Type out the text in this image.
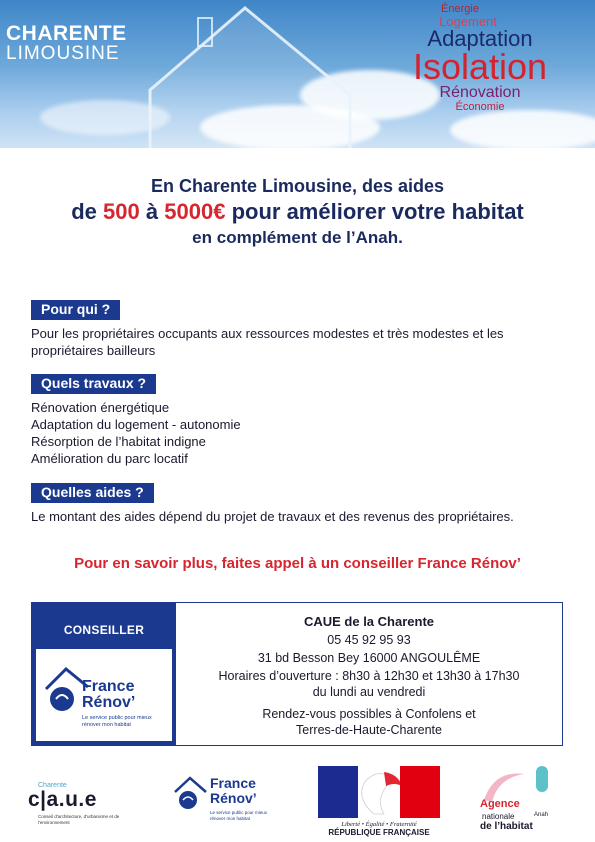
CHARENTE
LIMOUSINE
Énergie
Logement
Adaptation
Isolation
Rénovation
Économie
En Charente Limousine, des aides
de 500 à 5000€ pour améliorer votre habitat
en complément de l’Anah.
Pour qui ?
Pour les propriétaires occupants aux ressources modestes et très modestes et les propriétaires bailleurs
Quels travaux ?
Rénovation énergétique
Adaptation du logement - autonomie
Résorption de l’habitat indigne
Amélioration du parc locatif
Quelles aides ?
Le montant des aides dépend du projet de travaux et des revenus des propriétaires.
Pour en savoir plus, faites appel à un conseiller France Rénov’
CONSEILLER
France
Rénov’
Le service public pour mieux rénover mon habitat
CAUE de la Charente
05 45 92 95 93
31 bd Besson Bey 16000 ANGOULÊME
Horaires d’ouverture : 8h30 à 12h30 et 13h30 à 17h30
du lundi au vendredi
Rendez-vous possibles à Confolens et
Terres-de-Haute-Charente
Charente
c|a.u.e
Conseil d'architecture, d'urbanisme et de l'environnement
France
Rénov’
Le service public pour mieux rénover mon habitat
Liberté • Égalité • Fraternité
RÉPUBLIQUE FRANÇAISE
Agence
nationale	Anah
de l’habitat
